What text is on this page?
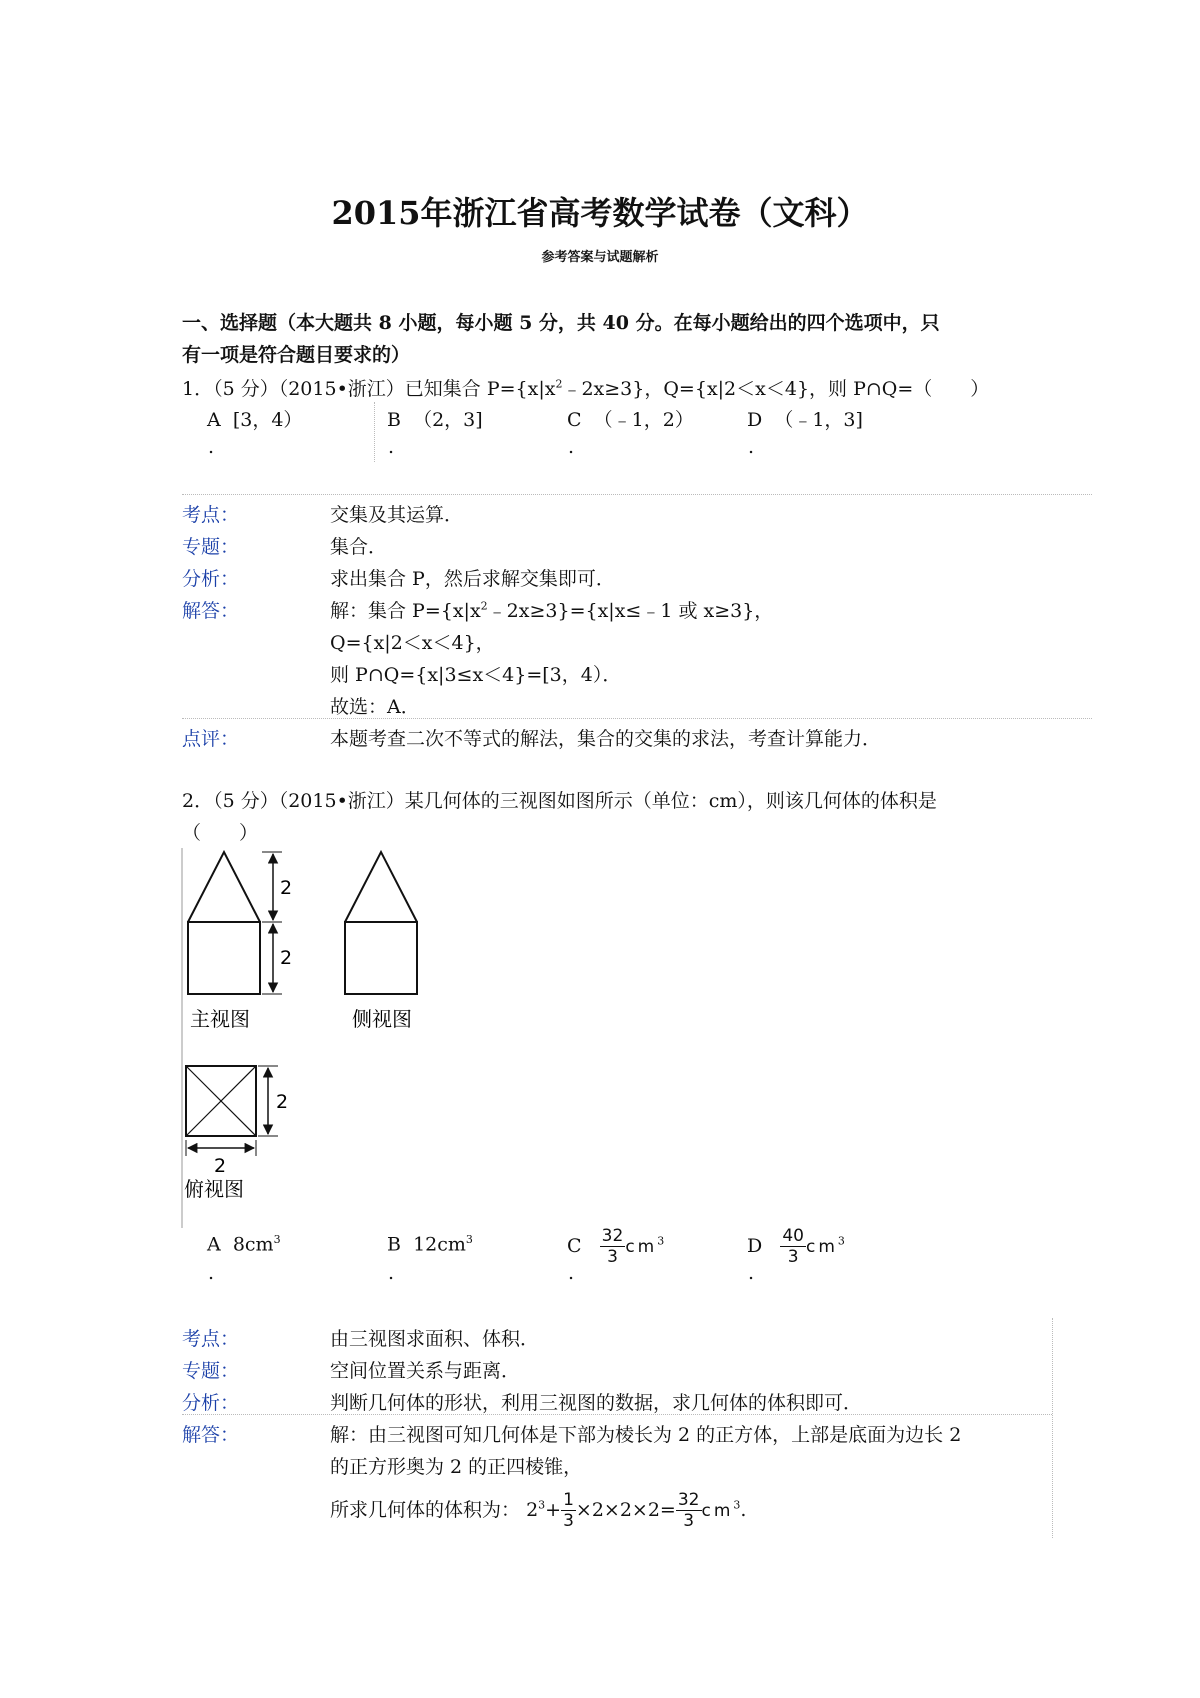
2015年浙江省高考数学试卷（文科）
参考答案与试题解析
一、选择题（本大题共 8 小题，每小题 5 分，共 40 分。在每小题给出的四个选项中，只
有一项是符合题目要求的）
1．（5 分）（2015•浙江）已知集合 $P=\{x|x^2﹣2x\ge 3\}$，Q={x|2＜x＜4}，则 P∩Q=（　　）
A [3，4）
.
B （2，3]
.
C （﹣1，2）
.
D （﹣1，3]
.
考点：	交集及其运算．
专题：	集合．
分析：	求出集合 P，然后求解交集即可．
解答：	解：集合 $P=\{x|x^2﹣2x\ge 3\}=\{x|x\le﹣1$ 或 x≥3}，
Q={x|2＜x＜4}，
则 P∩Q={x|3≤x＜4}=[3，4）．
故选：A．
点评：	本题考查二次不等式的解法，集合的交集的求法，考查计算能力．
2．（5 分）（2015•浙江）某几何体的三视图如图所示（单位：cm），则该几何体的体积是
（　　）
2
2
主视图	侧视图
2
2
俯视图
A $8cm^3$
.
B $12cm^3$
.
C $\frac{32}{3} cm^3$
.
D $\frac{40}{3} cm^3$
.
考点：	由三视图求面积、体积．
专题：	空间位置关系与距离．
分析：	判断几何体的形状，利用三视图的数据，求几何体的体积即可．
解答：	解：由三视图可知几何体是下部为棱长为 2 的正方体，上部是底面为边长 2
的正方形奥为 2 的正四棱锥，
所求几何体的体积为： $2^3+ \frac{1}{3} \times 2\times 2\times 2= \frac{32}{3} cm^3$.
